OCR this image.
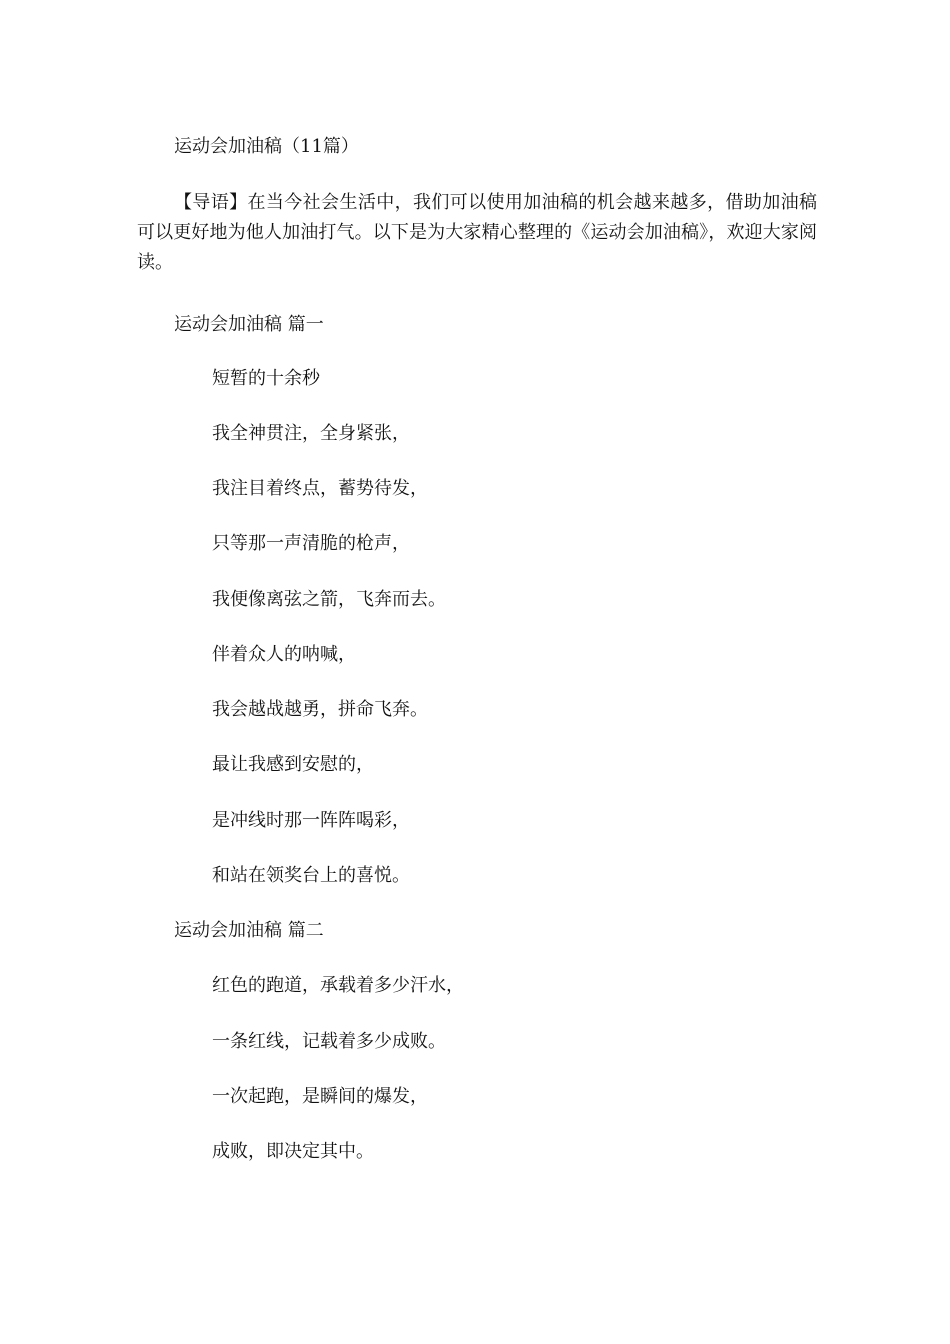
运动会加油稿（11篇）
【导语】在当今社会生活中，我们可以使用加油稿的机会越来越多，借助加油稿可以更好地为他人加油打气。以下是为大家精心整理的《运动会加油稿》，欢迎大家阅读。
运动会加油稿 篇一
短暂的十余秒
我全神贯注，全身紧张，
我注目着终点，蓄势待发，
只等那一声清脆的枪声，
我便像离弦之箭，飞奔而去。
伴着众人的呐喊，
我会越战越勇，拼命飞奔。
最让我感到安慰的，
是冲线时那一阵阵喝彩，
和站在领奖台上的喜悦。
运动会加油稿 篇二
红色的跑道，承载着多少汗水，
一条红线，记载着多少成败。
一次起跑，是瞬间的爆发，
成败，即决定其中。
